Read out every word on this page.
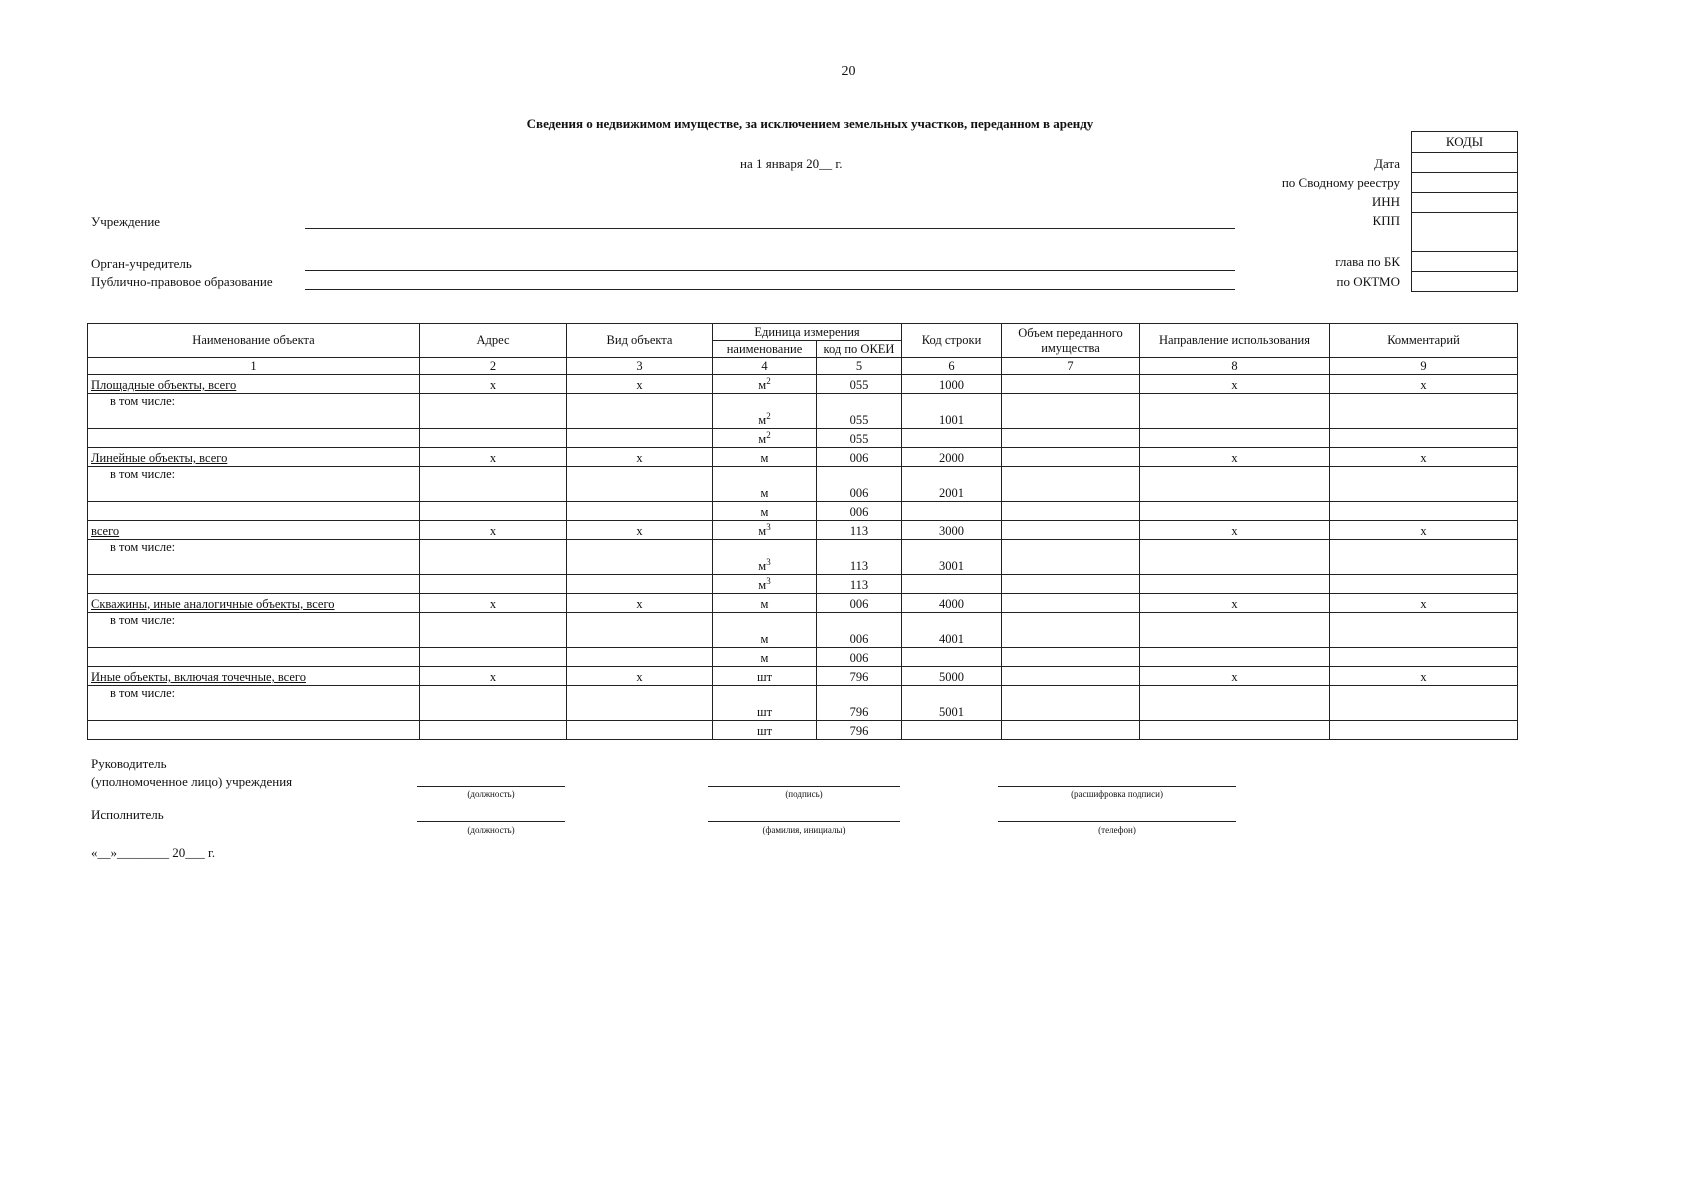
20
Сведения о недвижимом имуществе, за исключением земельных участков, переданном в аренду
на 1 января 20__ г.
Учреждение
Орган-учредитель
Публично-правовое образование
Дата
по Сводному реестру
ИНН
КПП
глава по БК
по ОКТМО
КОДЫ
Наименование объекта	Адрес	Вид объекта	Единица измерения		Код строки	Объем переданного имущества	Направление использования	Комментарий
			наименование	код по ОКЕИ				
1	2	3	4	5	6	7	8	9
Площадные объекты, всего	x	x	$м^2$	055	1000		x	x
в том числе:			$м^2$	055	1001			
			$м^2$	055				
Линейные объекты, всего	x	x	м	006	2000		x	x
в том числе:			м	006	2001			
			м	006				
всего	x	x	$м^3$	113	3000		x	x
в том числе:			$м^3$	113	3001			
			$м^3$	113				
Скважины, иные аналогичные объекты, всего	x	x	м	006	4000		x	x
в том числе:			м	006	4001			
			м	006				
Иные объекты, включая точечные, всего	x	x	шт	796	5000		x	x
в том числе:			шт	796	5001			
			шт	796				
Руководитель
(уполномоченное лицо) учреждения
(должность)	(подпись)	(расшифровка подписи)
Исполнитель
(должность)	(фамилия, инициалы)	(телефон)
«__»________ 20___ г.
